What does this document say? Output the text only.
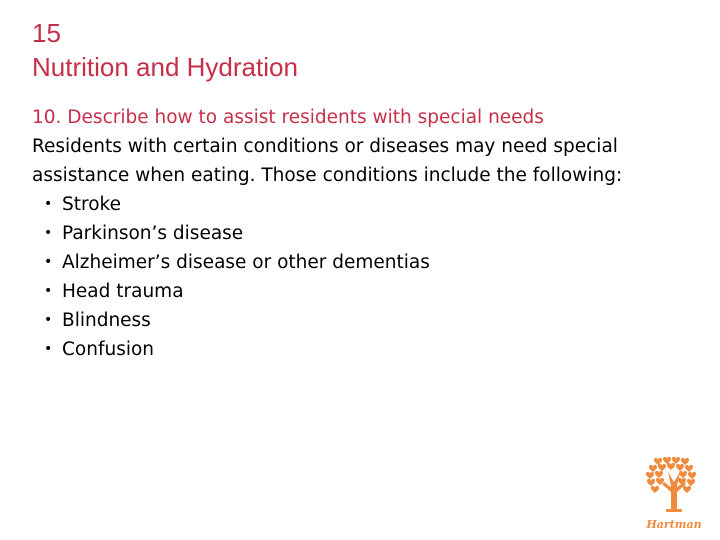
15
Nutrition and Hydration
10. Describe how to assist residents with special needs
Residents with certain conditions or diseases may need special assistance when eating. Those conditions include the following:
• Stroke
• Parkinson’s disease
• Alzheimer’s disease or other dementias
• Head trauma
• Blindness
• Confusion
Hartman
